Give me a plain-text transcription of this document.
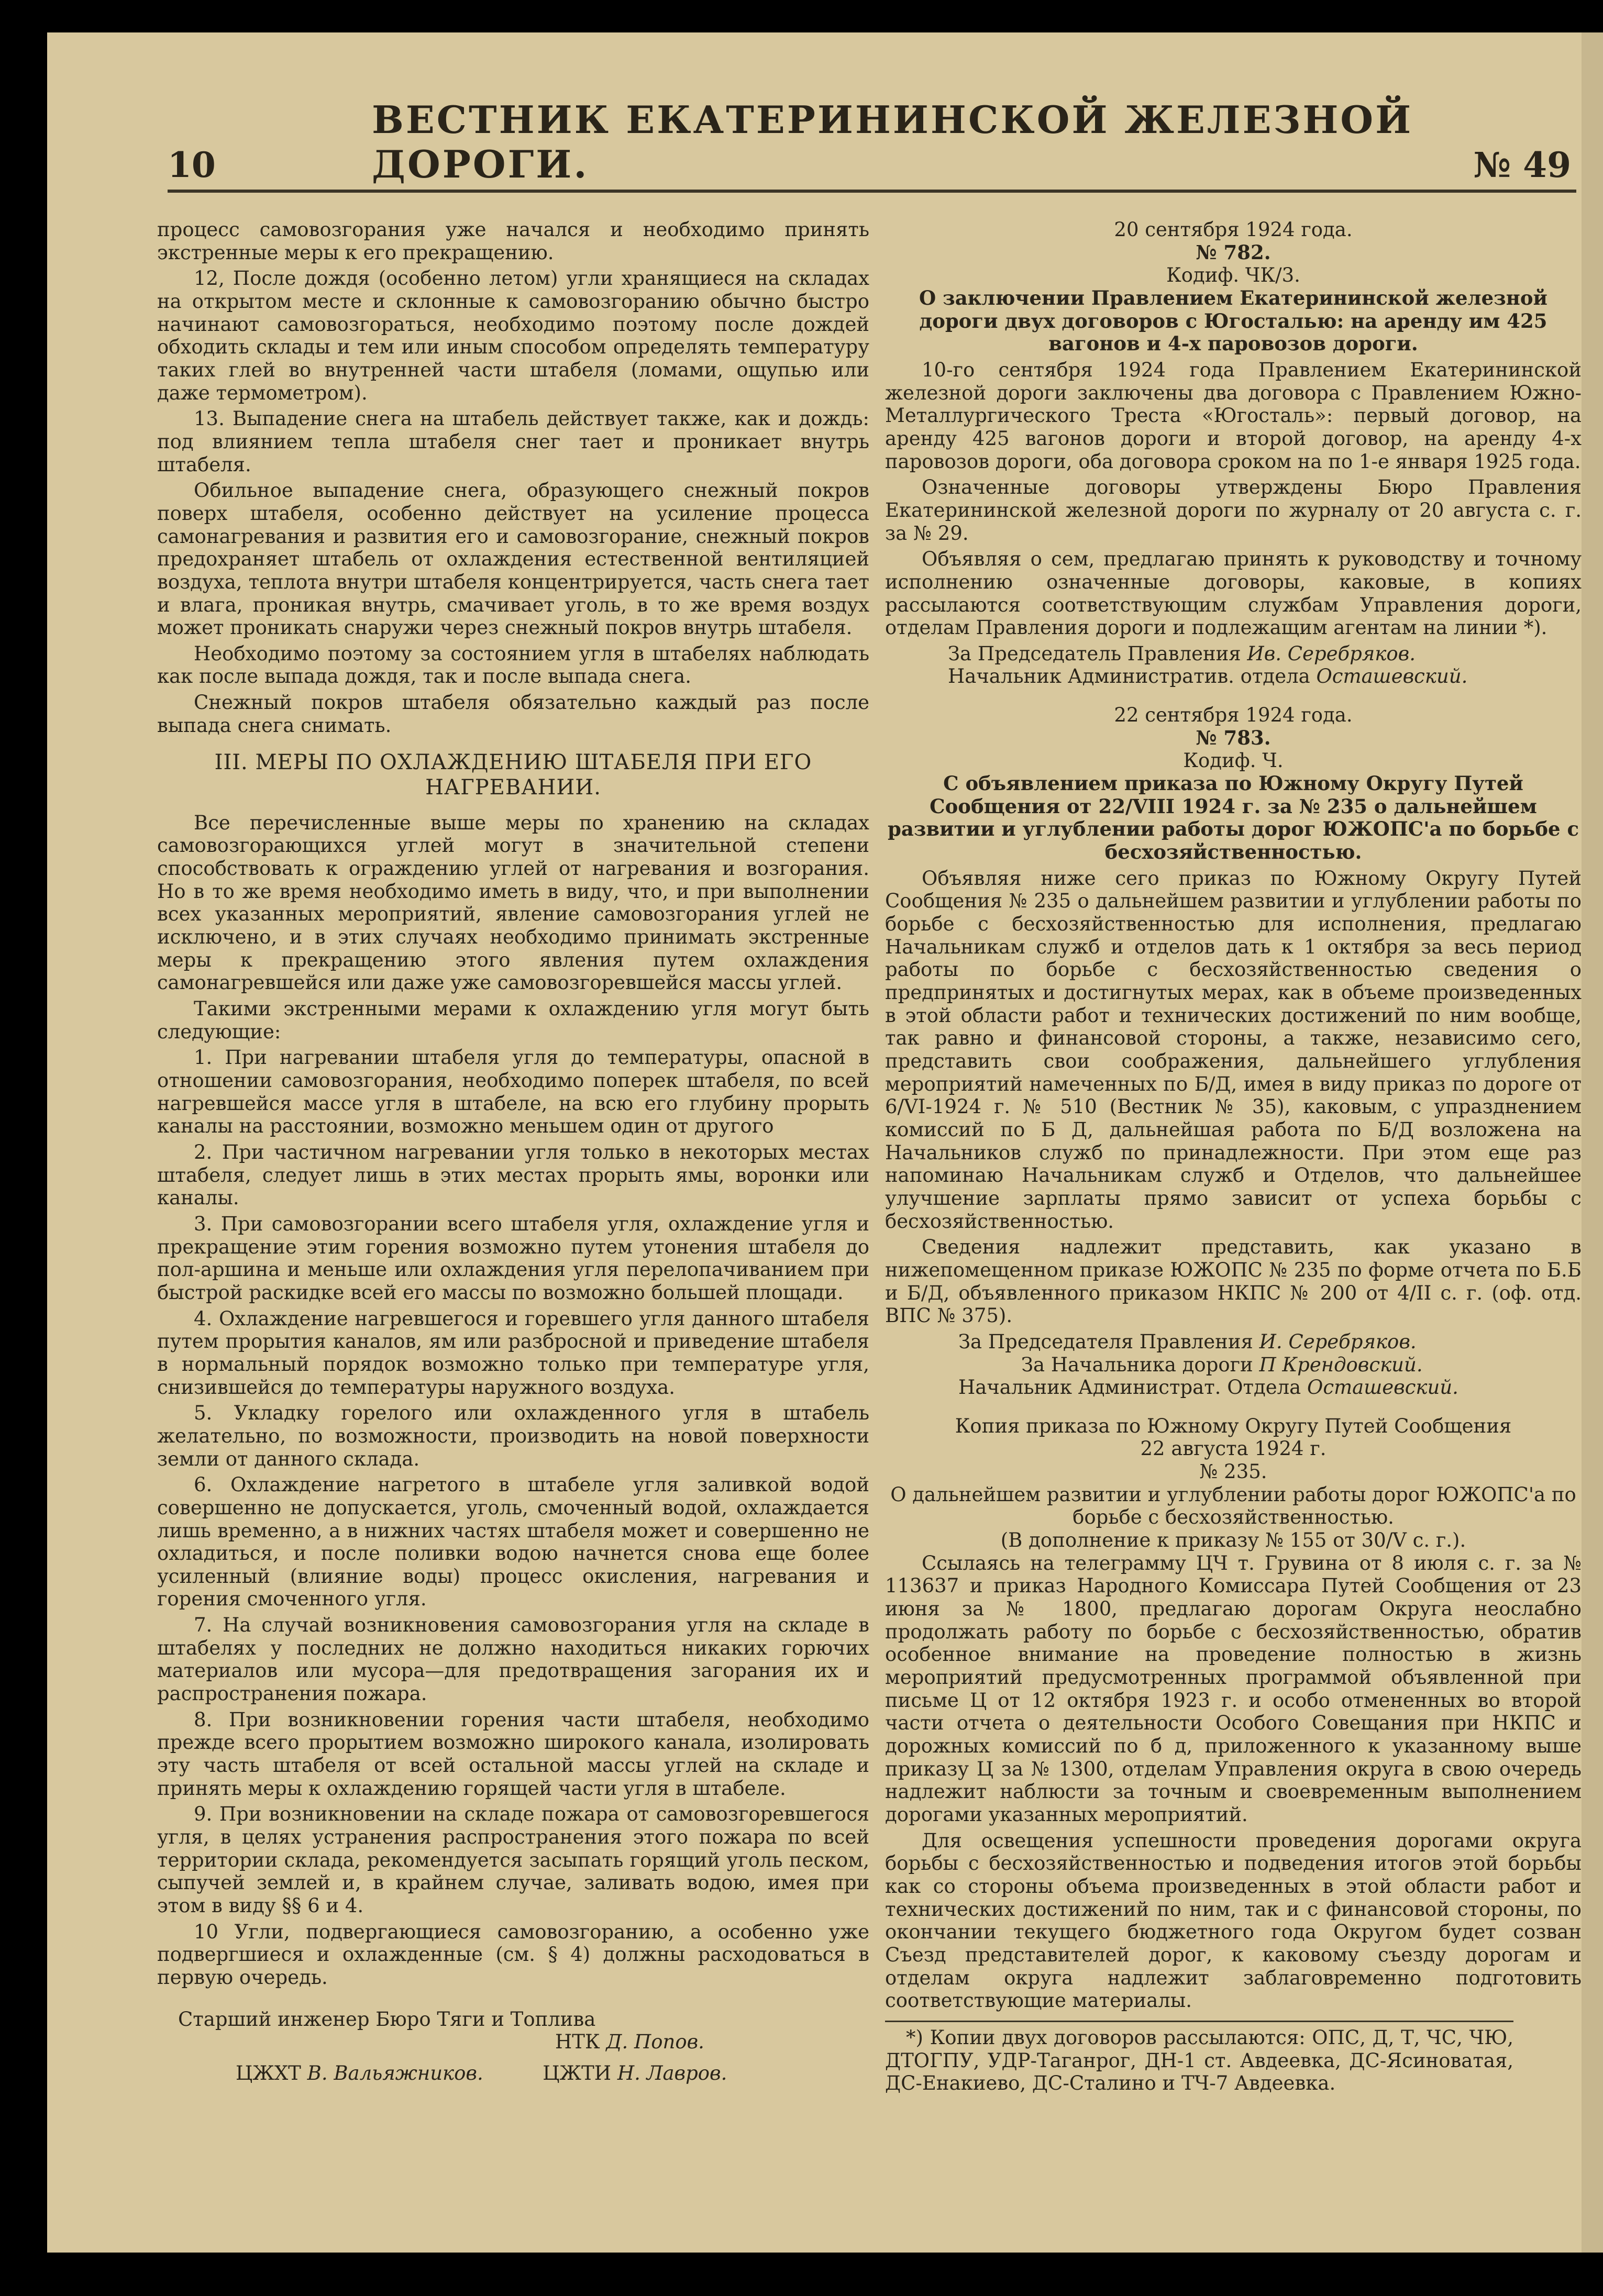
10
ВЕСТНИК ЕКАТЕРИНИНСКОЙ ЖЕЛЕЗНОЙ ДОРОГИ.	№ 49

процесс самовозгорания уже начался и необходимо принять экстренные меры к его прекращению.

12, После дождя (особенно летом) угли хранящиеся на складах на открытом месте и склонные к самовозгоранию обычно быстро начинают самовозгораться, необходимо поэтому после дождей обходить склады и тем или иным способом определять температуру таких глей во внутренней части штабеля (ломами, ощупью или даже термометром).

13. Выпадение снега на штабель действует также, как и дождь: под влиянием тепла штабеля снег тает и проникает внутрь штабеля.

Обильное выпадение снега, образующего снежный покров поверх штабеля, особенно действует на усиление процесса самонагревания и развития его и самовозгорание, снежный покров предохраняет штабель от охлаждения естественной вентиляцией воздуха, теплота внутри штабеля концентрируется, часть снега тает и влага, проникая внутрь, смачивает уголь, в то же время воздух может проникать снаружи через снежный покров внутрь штабеля.

Необходимо поэтому за состоянием угля в штабелях наблюдать как после выпада дождя, так и после выпада снега.

Снежный покров штабеля обязательно каждый раз после выпада снега снимать.

III. МЕРЫ ПО ОХЛАЖДЕНИЮ ШТАБЕЛЯ ПРИ ЕГО НАГРЕВАНИИ.

Все перечисленные выше меры по хранению на складах самовозгорающихся углей могут в значительной степени способствовать к ограждению углей от нагревания и возгорания. Но в то же время необходимо иметь в виду, что, и при выполнении всех указанных мероприятий, явление самовозгорания углей не исключено, и в этих случаях необходимо принимать экстренные меры к прекращению этого явления путем охлаждения самонагревшейся или даже уже самовозгоревшейся массы углей.

Такими экстренными мерами к охлаждению угля могут быть следующие:

1. При нагревании штабеля угля до температуры, опасной в отношении самовозгорания, необходимо поперек штабеля, по всей нагревшейся массе угля в штабеле, на всю его глубину прорыть каналы на расстоянии, возможно меньшем один от другого

2. При частичном нагревании угля только в некоторых местах штабеля, следует лишь в этих местах прорыть ямы, воронки или каналы.

3. При самовозгорании всего штабеля угля, охлаждение угля и прекращение этим горения возможно путем утонения штабеля до пол-аршина и меньше или охлаждения угля перелопачиванием при быстрой раскидке всей его массы по возможно большей площади.

4. Охлаждение нагревшегося и горевшего угля данного штабеля путем прорытия каналов, ям или разбросной и приведение штабеля в нормальный порядок возможно только при температуре угля, снизившейся до температуры наружного воздуха.

5. Укладку горелого или охлажденного угля в штабель желательно, по возможности, производить на новой поверхности земли от данного склада.

6. Охлаждение нагретого в штабеле угля заливкой водой совершенно не допускается, уголь, смоченный водой, охлаждается лишь временно, а в нижних частях штабеля может и совершенно не охладиться, и после поливки водою начнется снова еще более усиленный (влияние воды) процесс окисления, нагревания и горения смоченного угля.

7. На случай возникновения самовозгорания угля на складе в штабелях у последних не должно находиться никаких горючих материалов или мусора—для предотвращения загорания их и распространения пожара.

8. При возникновении горения части штабеля, необходимо прежде всего прорытием возможно широкого канала, изолировать эту часть штабеля от всей остальной массы углей на складе и принять меры к охлаждению горящей части угля в штабеле.

9. При возникновении на складе пожара от самовозгоревшегося угля, в целях устранения распространения этого пожара по всей территории склада, рекомендуется засыпать горящий уголь песком, сыпучей землей и, в крайнем случае, заливать водою, имея при этом в виду §§ 6 и 4.

10 Угли, подвергающиеся самовозгоранию, а особенно уже подвергшиеся и охлажденные (см. § 4) должны расходоваться в первую очередь.

Старший инженер Бюро Тяги и Топлива
НТК Д. Попов.
ЦЖХТ В. Вальяжников.	ЦЖТИ Н. Лавров.
20 сентября 1924 года.
№ 782.
Кодиф. ЧК/3.
О заключении Правлением Екатерининской железной дороги двух договоров с Югосталью: на аренду им 425 вагонов и 4-х паровозов дороги.

10-го сентября 1924 года Правлением Екатерининской железной дороги заключены два договора с Правлением Южно-Металлургического Треста «Югосталь»: первый договор, на аренду 425 вагонов дороги и второй договор, на аренду 4-х паровозов дороги, оба договора сроком на по 1-е января 1925 года.

Означенные договоры утверждены Бюро Правления Екатерининской железной дороги по журналу от 20 августа с. г. за № 29.

Объявляя о сем, предлагаю принять к руководству и точному исполнению означенные договоры, каковые, в копиях рассылаются соответствующим службам Управления дороги, отделам Правления дороги и подлежащим агентам на линии *).

За Председатель Правления Ив. Серебряков.
Начальник Административ. отдела Осташевский.
22 сентября 1924 года.
№ 783.
Кодиф. Ч.
С объявлением приказа по Южному Округу Путей Сообщения от 22/VIII 1924 г. за № 235 о дальнейшем развитии и углублении работы дорог ЮЖОПС'а по борьбе с бесхозяйственностью.

Объявляя ниже сего приказ по Южному Округу Путей Сообщения № 235 о дальнейшем развитии и углублении работы по борьбе с бесхозяйственностью для исполнения, предлагаю Начальникам служб и отделов дать к 1 октября за весь период работы по борьбе с бесхозяйственностью сведения о предпринятых и достигнутых мерах, как в объеме произведенных в этой области работ и технических достижений по ним вообще, так равно и финансовой стороны, а также, независимо сего, представить свои соображения, дальнейшего углубления мероприятий намеченных по Б/Д, имея в виду приказ по дороге от 6/VI-1924 г. № 510 (Вестник № 35), каковым, с упразднением комиссий по Б Д, дальнейшая работа по Б/Д возложена на Начальников служб по принадлежности. При этом еще раз напоминаю Начальникам служб и Отделов, что дальнейшее улучшение зарплаты прямо зависит от успеха борьбы с бесхозяйственностью.

Сведения надлежит представить, как указано в нижепомещенном приказе ЮЖОПС № 235 по форме отчета по Б.Б и Б/Д, объявленного приказом НКПС № 200 от 4/II с. г. (оф. отд. ВПС № 375).

За Председателя Правления И. Серебряков.
За Начальника дороги П Крендовский.
Начальник Администрат. Отдела Осташевский.
Копия приказа по Южному Округу Путей Сообщения
22 августа 1924 г.
№ 235.
О дальнейшем развитии и углублении работы дорог ЮЖОПС'а по борьбе с бесхозяйственностью.
(В дополнение к приказу № 155 от 30/V с. г.).

Ссылаясь на телеграмму ЦЧ т. Грувина от 8 июля с. г. за № 113637 и приказ Народного Комиссара Путей Сообщения от 23 июня за № 1800, предлагаю дорогам Округа неослабно продолжать работу по борьбе с бесхозяйственностью, обратив особенное внимание на проведение полностью в жизнь мероприятий предусмотренных программой объявленной при письме Ц от 12 октября 1923 г. и особо отмененных во второй части отчета о деятельности Особого Совещания при НКПС и дорожных комиссий по б д, приложенного к указанному выше приказу Ц за № 1300, отделам Управления округа в свою очередь надлежит наблюсти за точным и своевременным выполнением дорогами указанных мероприятий.

Для освещения успешности проведения дорогами округа борьбы с бесхозяйственностью и подведения итогов этой борьбы как со стороны объема произведенных в этой области работ и технических достижений по ним, так и с финансовой стороны, по окончании текущего бюджетного года Округом будет созван Съезд представителей дорог, к каковому съезду дорогам и отделам округа надлежит заблаговременно подготовить соответствующие материалы.

*) Копии двух договоров рассылаются: ОПС, Д, Т, ЧС, ЧЮ, ДТОГПУ, УДР-Таганрог, ДН-1 ст. Авдеевка, ДС-Ясиноватая, ДС-Енакиево, ДС-Сталино и ТЧ-7 Авдеевка.
